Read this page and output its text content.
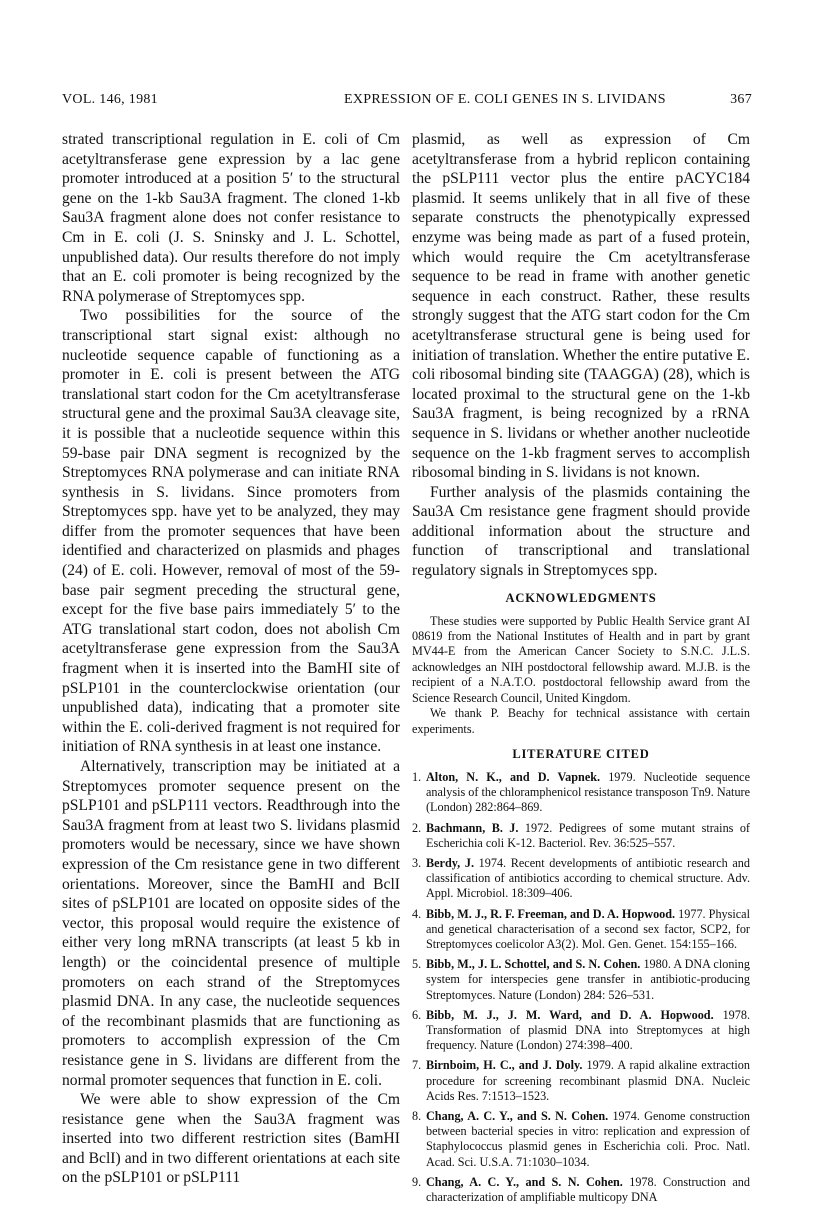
VOL. 146, 1981	EXPRESSION OF E. COLI GENES IN S. LIVIDANS	367

strated transcriptional regulation in E. coli of Cm acetyltransferase gene expression by a lac gene promoter introduced at a position 5′ to the structural gene on the 1-kb Sau3A fragment. The cloned 1-kb Sau3A fragment alone does not confer resistance to Cm in E. coli (J. S. Sninsky and J. L. Schottel, unpublished data). Our results therefore do not imply that an E. coli promoter is being recognized by the RNA polymerase of Streptomyces spp.

Two possibilities for the source of the transcriptional start signal exist: although no nucleotide sequence capable of functioning as a promoter in E. coli is present between the ATG translational start codon for the Cm acetyltransferase structural gene and the proximal Sau3A cleavage site, it is possible that a nucleotide sequence within this 59-base pair DNA segment is recognized by the Streptomyces RNA polymerase and can initiate RNA synthesis in S. lividans. Since promoters from Streptomyces spp. have yet to be analyzed, they may differ from the promoter sequences that have been identified and characterized on plasmids and phages (24) of E. coli. However, removal of most of the 59-base pair segment preceding the structural gene, except for the five base pairs immediately 5′ to the ATG translational start codon, does not abolish Cm acetyltransferase gene expression from the Sau3A fragment when it is inserted into the BamHI site of pSLP101 in the counterclockwise orientation (our unpublished data), indicating that a promoter site within the E. coli-derived fragment is not required for initiation of RNA synthesis in at least one instance.

Alternatively, transcription may be initiated at a Streptomyces promoter sequence present on the pSLP101 and pSLP111 vectors. Readthrough into the Sau3A fragment from at least two S. lividans plasmid promoters would be necessary, since we have shown expression of the Cm resistance gene in two different orientations. Moreover, since the BamHI and BclI sites of pSLP101 are located on opposite sides of the vector, this proposal would require the existence of either very long mRNA transcripts (at least 5 kb in length) or the coincidental presence of multiple promoters on each strand of the Streptomyces plasmid DNA. In any case, the nucleotide sequences of the recombinant plasmids that are functioning as promoters to accomplish expression of the Cm resistance gene in S. lividans are different from the normal promoter sequences that function in E. coli.

We were able to show expression of the Cm resistance gene when the Sau3A fragment was inserted into two different restriction sites (BamHI and BclI) and in two different orientations at each site on the pSLP101 or pSLP111

plasmid, as well as expression of Cm acetyltransferase from a hybrid replicon containing the pSLP111 vector plus the entire pACYC184 plasmid. It seems unlikely that in all five of these separate constructs the phenotypically expressed enzyme was being made as part of a fused protein, which would require the Cm acetyltransferase sequence to be read in frame with another genetic sequence in each construct. Rather, these results strongly suggest that the ATG start codon for the Cm acetyltransferase structural gene is being used for initiation of translation. Whether the entire putative E. coli ribosomal binding site (TAAGGA) (28), which is located proximal to the structural gene on the 1-kb Sau3A fragment, is being recognized by a rRNA sequence in S. lividans or whether another nucleotide sequence on the 1-kb fragment serves to accomplish ribosomal binding in S. lividans is not known.

Further analysis of the plasmids containing the Sau3A Cm resistance gene fragment should provide additional information about the structure and function of transcriptional and translational regulatory signals in Streptomyces spp.

ACKNOWLEDGMENTS

These studies were supported by Public Health Service grant AI 08619 from the National Institutes of Health and in part by grant MV44-E from the American Cancer Society to S.N.C. J.L.S. acknowledges an NIH postdoctoral fellowship award. M.J.B. is the recipient of a N.A.T.O. postdoctoral fellowship award from the Science Research Council, United Kingdom.

We thank P. Beachy for technical assistance with certain experiments.

LITERATURE CITED
1. Alton, N. K., and D. Vapnek. 1979. Nucleotide sequence analysis of the chloramphenicol resistance transposon Tn9. Nature (London) 282:864–869.
2. Bachmann, B. J. 1972. Pedigrees of some mutant strains of Escherichia coli K-12. Bacteriol. Rev. 36:525–557.
3. Berdy, J. 1974. Recent developments of antibiotic research and classification of antibiotics according to chemical structure. Adv. Appl. Microbiol. 18:309–406.
4. Bibb, M. J., R. F. Freeman, and D. A. Hopwood. 1977. Physical and genetical characterisation of a second sex factor, SCP2, for Streptomyces coelicolor A3(2). Mol. Gen. Genet. 154:155–166.
5. Bibb, M., J. L. Schottel, and S. N. Cohen. 1980. A DNA cloning system for interspecies gene transfer in antibiotic-producing Streptomyces. Nature (London) 284: 526–531.
6. Bibb, M. J., J. M. Ward, and D. A. Hopwood. 1978. Transformation of plasmid DNA into Streptomyces at high frequency. Nature (London) 274:398–400.
7. Birnboim, H. C., and J. Doly. 1979. A rapid alkaline extraction procedure for screening recombinant plasmid DNA. Nucleic Acids Res. 7:1513–1523.
8. Chang, A. C. Y., and S. N. Cohen. 1974. Genome construction between bacterial species in vitro: replication and expression of Staphylococcus plasmid genes in Escherichia coli. Proc. Natl. Acad. Sci. U.S.A. 71:1030–1034.
9. Chang, A. C. Y., and S. N. Cohen. 1978. Construction and characterization of amplifiable multicopy DNA
